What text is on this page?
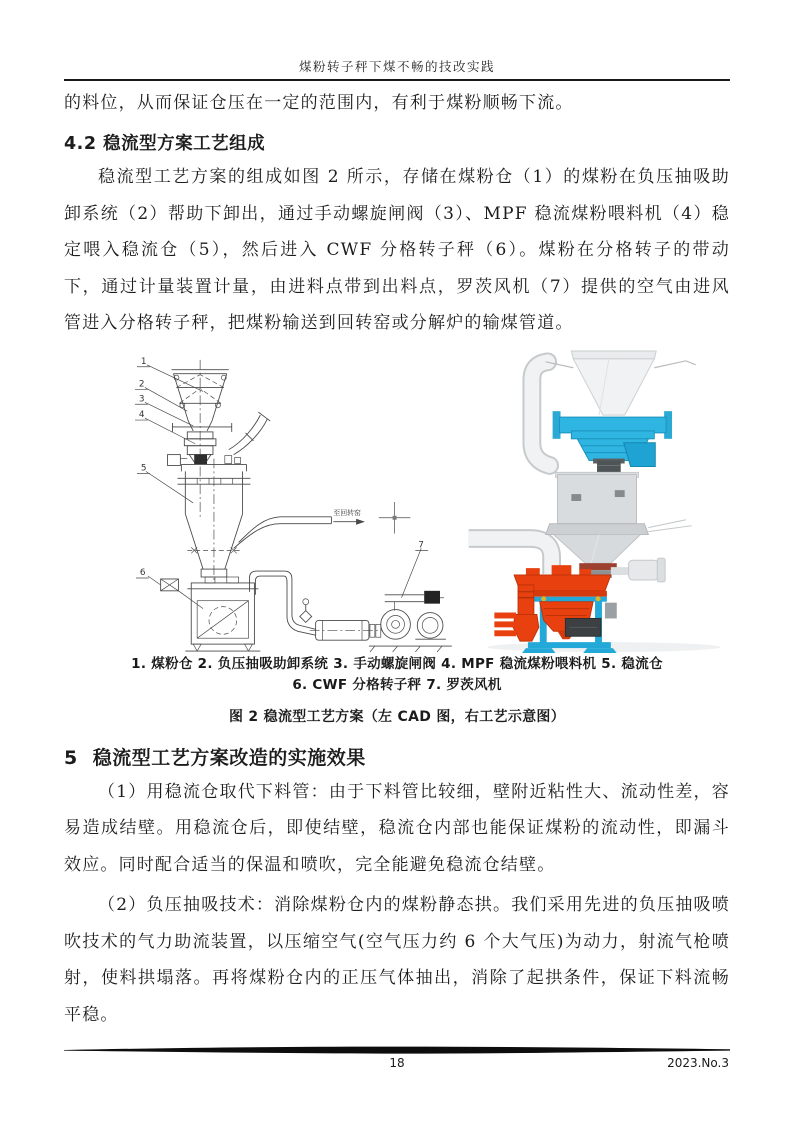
煤粉转子秤下煤不畅的技改实践

的料位，从而保证仓压在一定的范围内，有利于煤粉顺畅下流。

4.2 稳流型方案工艺组成

稳流型工艺方案的组成如图 2 所示，存储在煤粉仓（1）的煤粉在负压抽吸助卸系统（2）帮助下卸出，通过手动螺旋闸阀（3）、MPF 稳流煤粉喂料机（4）稳定喂入稳流仓（5），然后进入 CWF 分格转子秤（6）。煤粉在分格转子的带动下，通过计量装置计量，由进料点带到出料点，罗茨风机（7）提供的空气由进风管进入分格转子秤，把煤粉输送到回转窑或分解炉的输煤管道。

至回转窑
1
2
3
4
5
6
7
1. 煤粉仓 2. 负压抽吸助卸系统 3. 手动螺旋闸阀 4. MPF 稳流煤粉喂料机 5. 稳流仓
6. CWF 分格转子秤 7. 罗茨风机
图 2 稳流型工艺方案（左 CAD 图，右工艺示意图）
5 稳流型工艺方案改造的实施效果

（1）用稳流仓取代下料管：由于下料管比较细，壁附近粘性大、流动性差，容易造成结壁。用稳流仓后，即使结壁，稳流仓内部也能保证煤粉的流动性，即漏斗效应。同时配合适当的保温和喷吹，完全能避免稳流仓结壁。

（2）负压抽吸技术：消除煤粉仓内的煤粉静态拱。我们采用先进的负压抽吸喷吹技术的气力助流装置，以压缩空气(空气压力约 6 个大气压)为动力，射流气枪喷射，使料拱塌落。再将煤粉仓内的正压气体抽出，消除了起拱条件，保证下料流畅平稳。

18	2023.No.3
